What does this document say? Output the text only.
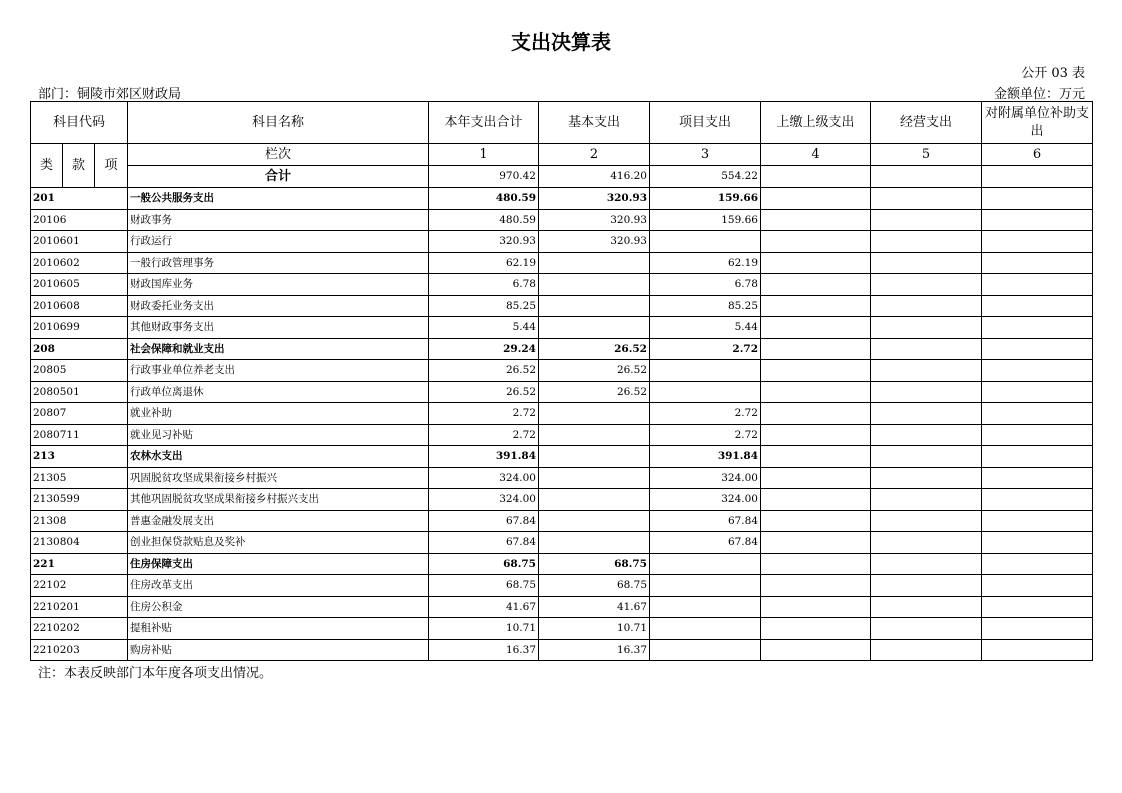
支出决算表
公开 03 表
部门：铜陵市郊区财政局	金额单位：万元
科目代码			科目名称	本年支出合计	基本支出	项目支出	上缴上级支出	经营支出	对附属单位补助支出
类	款	项	栏次	1	2	3	4	5	6
			合计	970.42	416.20	554.22			
201			一般公共服务支出	480.59	320.93	159.66			
20106			财政事务	480.59	320.93	159.66			
2010601			行政运行	320.93	320.93				
2010602			一般行政管理事务	62.19		62.19			
2010605			财政国库业务	6.78		6.78			
2010608			财政委托业务支出	85.25		85.25			
2010699			其他财政事务支出	5.44		5.44			
208			社会保障和就业支出	29.24	26.52	2.72			
20805			行政事业单位养老支出	26.52	26.52				
2080501			行政单位离退休	26.52	26.52				
20807			就业补助	2.72		2.72			
2080711			就业见习补贴	2.72		2.72			
213			农林水支出	391.84		391.84			
21305			巩固脱贫攻坚成果衔接乡村振兴	324.00		324.00			
2130599			其他巩固脱贫攻坚成果衔接乡村振兴支出	324.00		324.00			
21308			普惠金融发展支出	67.84		67.84			
2130804			创业担保贷款贴息及奖补	67.84		67.84			
221			住房保障支出	68.75	68.75				
22102			住房改革支出	68.75	68.75				
2210201			住房公积金	41.67	41.67				
2210202			提租补贴	10.71	10.71				
2210203			购房补贴	16.37	16.37				
注：本表反映部门本年度各项支出情况。
